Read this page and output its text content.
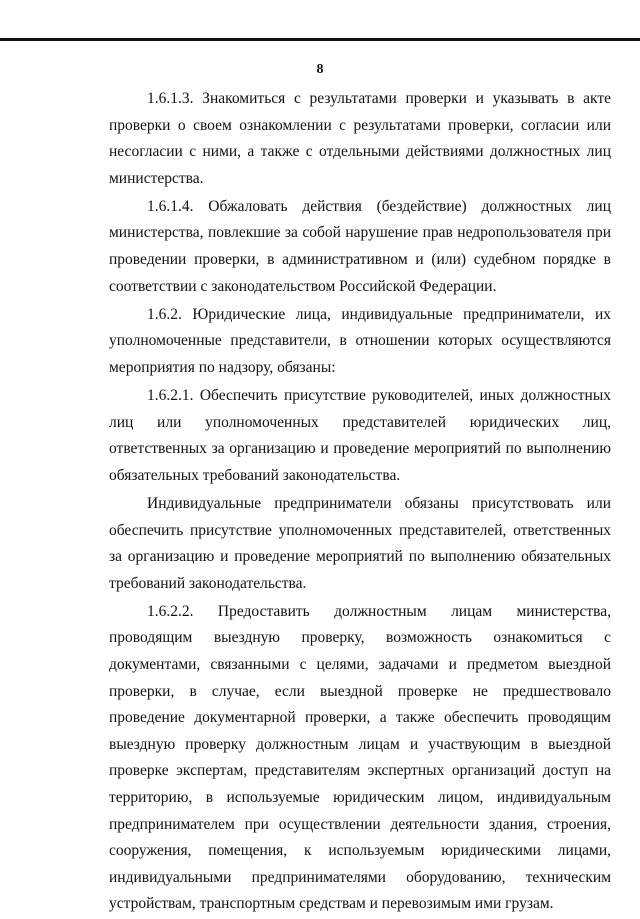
8

1.6.1.3. Знакомиться с результатами проверки и указывать в акте проверки о своем ознакомлении с результатами проверки, согласии или несогласии с ними, а также с отдельными действиями должностных лиц министерства.

1.6.1.4. Обжаловать действия (бездействие) должностных лиц министерства, повлекшие за собой нарушение прав недропользователя при проведении проверки, в административном и (или) судебном порядке в соответствии с законодательством Российской Федерации.

1.6.2. Юридические лица, индивидуальные предприниматели, их уполномоченные представители, в отношении которых осуществляются мероприятия по надзору, обязаны:

1.6.2.1. Обеспечить присутствие руководителей, иных должностных лиц или уполномоченных представителей юридических лиц, ответственных за организацию и проведение мероприятий по выполнению обязательных требований законодательства.

Индивидуальные предприниматели обязаны присутствовать или обеспечить присутствие уполномоченных представителей, ответственных за организацию и проведение мероприятий по выполнению обязательных требований законодательства.

1.6.2.2. Предоставить должностным лицам министерства, проводящим выездную проверку, возможность ознакомиться с документами, связанными с целями, задачами и предметом выездной проверки, в случае, если выездной проверке не предшествовало проведение документарной проверки, а также обеспечить проводящим выездную проверку должностным лицам и участвующим в выездной проверке экспертам, представителям экспертных организаций доступ на территорию, в используемые юридическим лицом, индивидуальным предпринимателем при осуществлении деятельности здания, строения, сооружения, помещения, к используемым юридическими лицами, индивидуальными предпринимателями оборудованию, техническим устройствам, транспортным средствам и перевозимым ими грузам.
